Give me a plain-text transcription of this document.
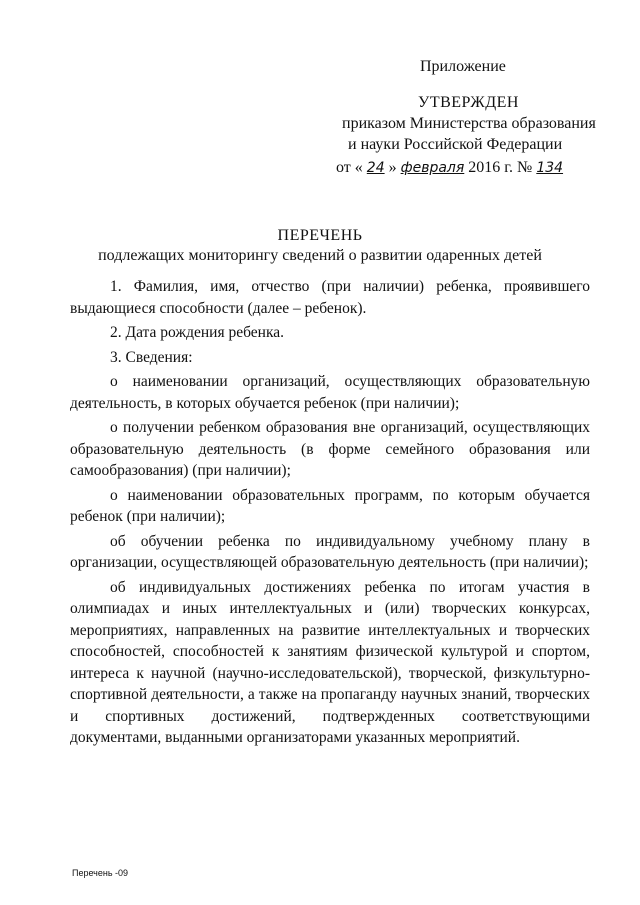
Приложение
УТВЕРЖДЕН
приказом Министерства образования
и науки Российской Федерации
от « 24 » февраля 2016 г. № 134
ПЕРЕЧЕНЬ
подлежащих мониторингу сведений о развитии одаренных детей

1. Фамилия, имя, отчество (при наличии) ребенка, проявившего выдающиеся способности (далее – ребенок).

2. Дата рождения ребенка.

3. Сведения:

о наименовании организаций, осуществляющих образовательную деятельность, в которых обучается ребенок (при наличии);

о получении ребенком образования вне организаций, осуществляющих образовательную деятельность (в форме семейного образования или самообразования) (при наличии);

о наименовании образовательных программ, по которым обучается ребенок (при наличии);

об обучении ребенка по индивидуальному учебному плану в организации, осуществляющей образовательную деятельность (при наличии);

об индивидуальных достижениях ребенка по итогам участия в олимпиадах и иных интеллектуальных и (или) творческих конкурсах, мероприятиях, направленных на развитие интеллектуальных и творческих способностей, способностей к занятиям физической культурой и спортом, интереса к научной (научно-исследовательской), творческой, физкультурно-спортивной деятельности, а также на пропаганду научных знаний, творческих и спортивных достижений, подтвержденных соответствующими документами, выданными организаторами указанных мероприятий.

Перечень -09
